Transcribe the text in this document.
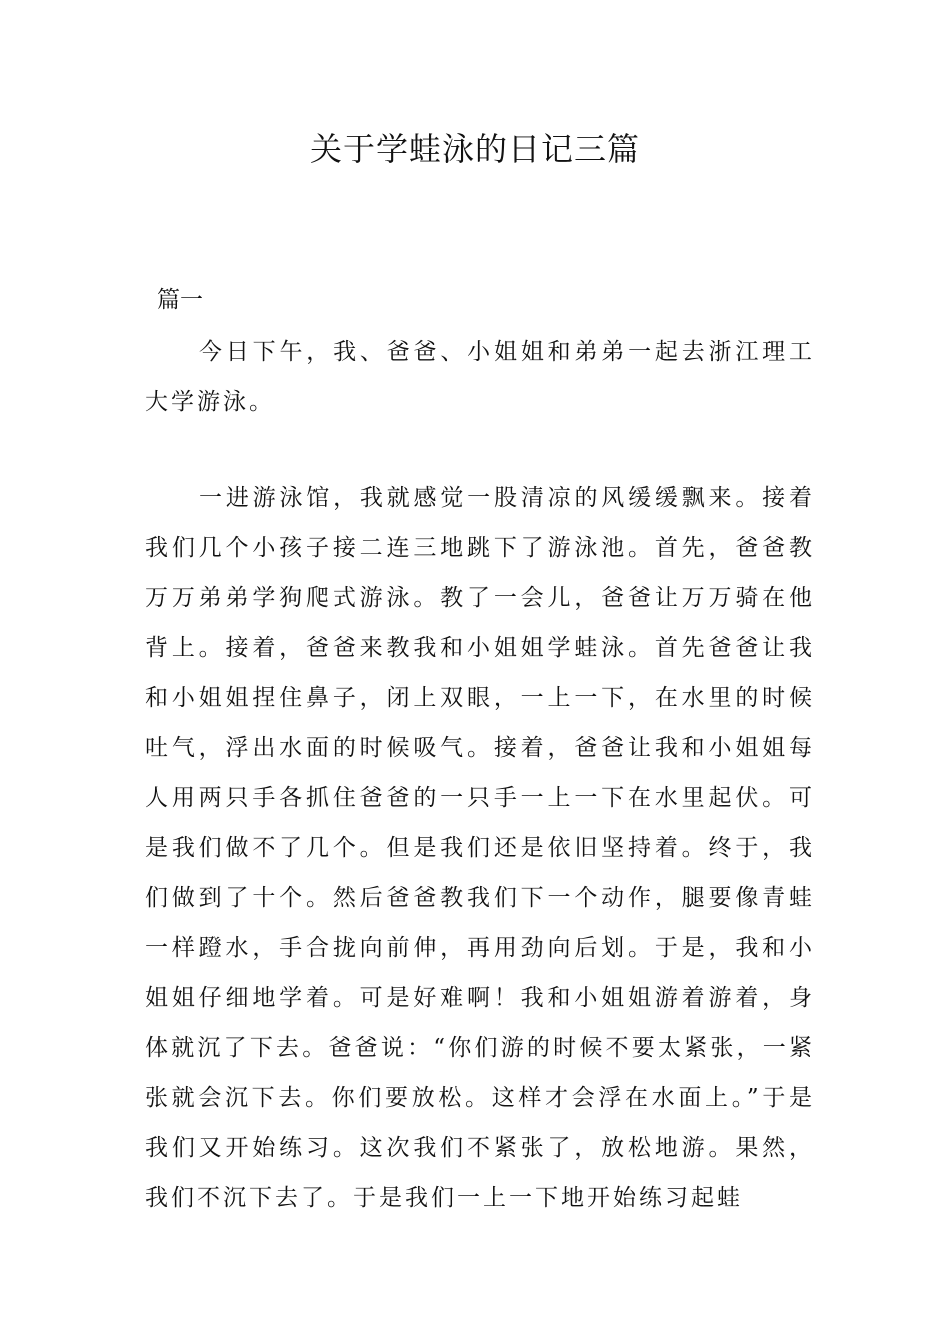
关于学蛙泳的日记三篇
篇一

今日下午，我、爸爸、小姐姐和弟弟一起去浙江理工大学游泳。

一进游泳馆，我就感觉一股清凉的风缓缓飘来。接着我们几个小孩子接二连三地跳下了游泳池。首先，爸爸教万万弟弟学狗爬式游泳。教了一会儿，爸爸让万万骑在他背上。接着，爸爸来教我和小姐姐学蛙泳。首先爸爸让我和小姐姐捏住鼻子，闭上双眼，一上一下，在水里的时候吐气，浮出水面的时候吸气。接着，爸爸让我和小姐姐每人用两只手各抓住爸爸的一只手一上一下在水里起伏。可是我们做不了几个。但是我们还是依旧坚持着。终于，我们做到了十个。然后爸爸教我们下一个动作，腿要像青蛙一样蹬水，手合拢向前伸，再用劲向后划。于是，我和小姐姐仔细地学着。可是好难啊！我和小姐姐游着游着，身体就沉了下去。爸爸说：“你们游的时候不要太紧张，一紧张就会沉下去。你们要放松。这样才会浮在水面上。”于是我们又开始练习。这次我们不紧张了，放松地游。果然，我们不沉下去了。于是我们一上一下地开始练习起蛙
